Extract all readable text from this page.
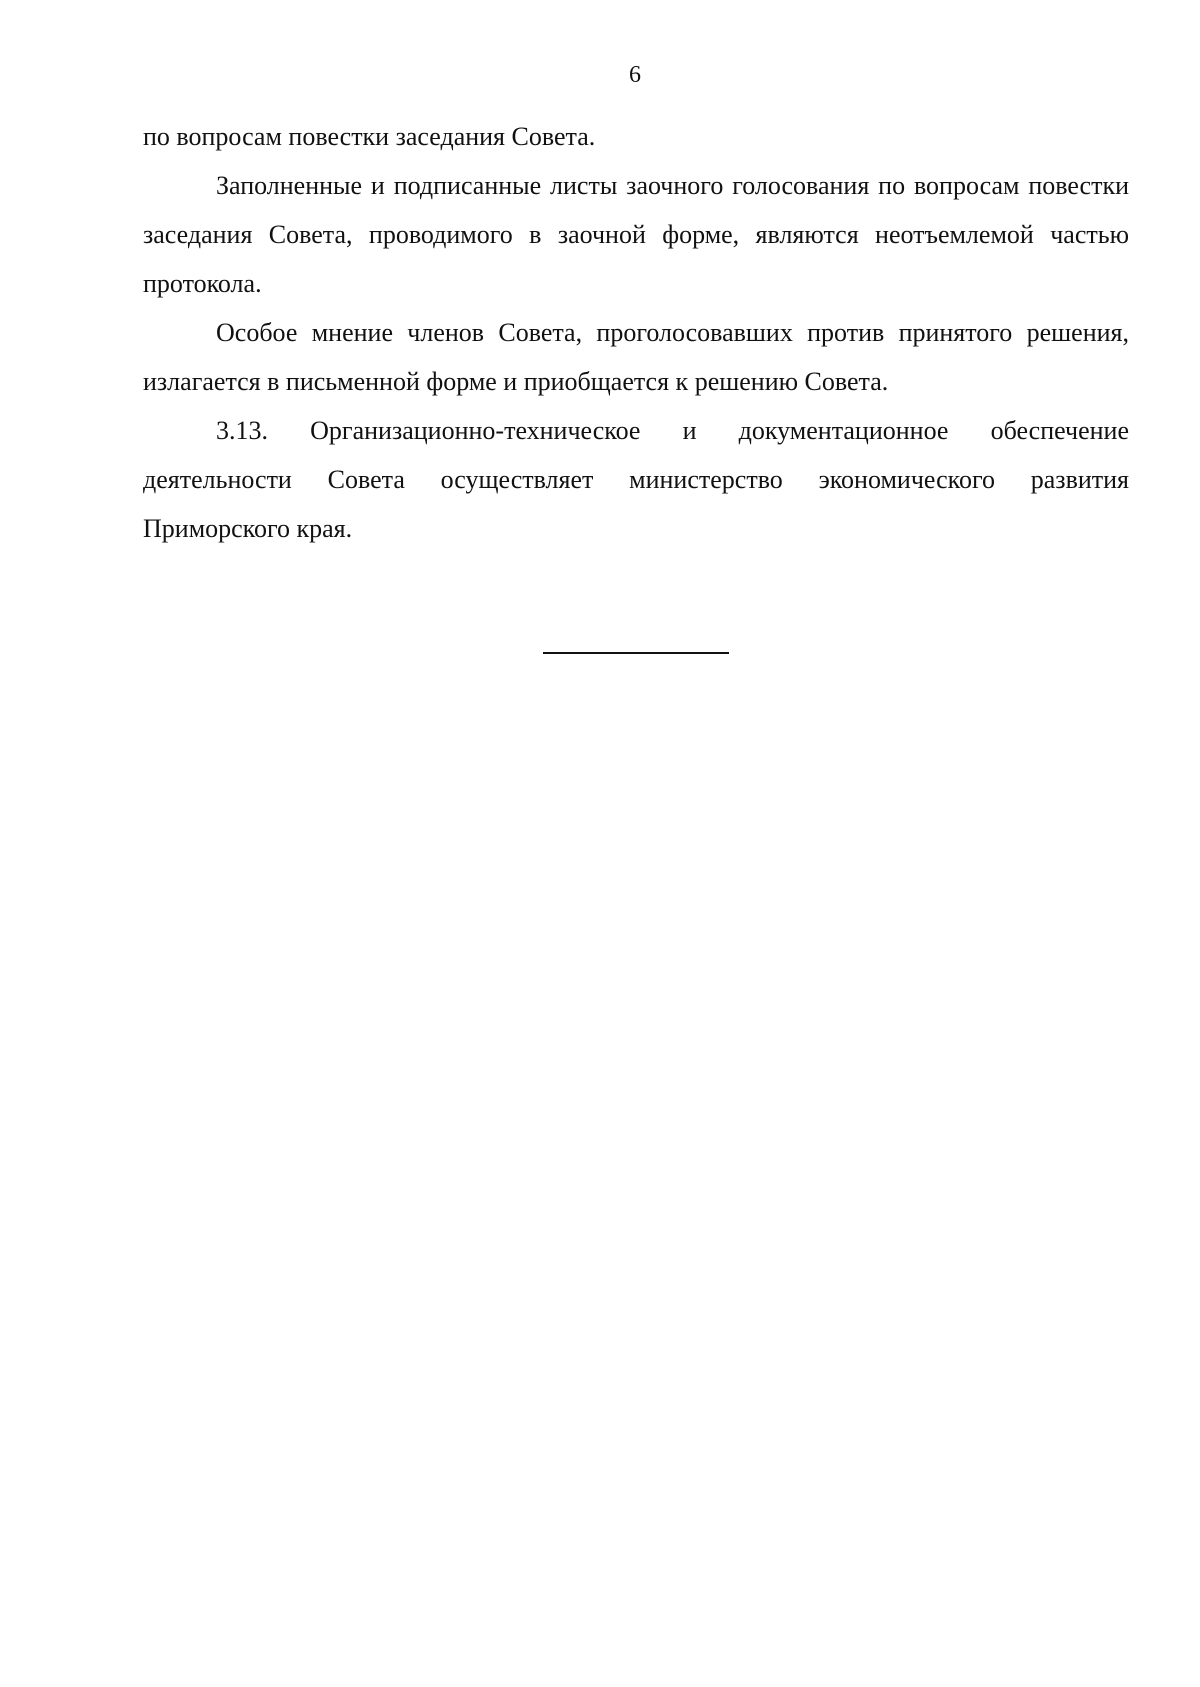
6

по вопросам повестки заседания Совета.

Заполненные и подписанные листы заочного голосования по вопросам повестки заседания Совета, проводимого в заочной форме, являются неотъемлемой частью протокола.

Особое мнение членов Совета, проголосовавших против принятого решения, излагается в письменной форме и приобщается к решению Совета.

3.13. Организационно-техническое и документационное обеспечение деятельности Совета осуществляет министерство экономического развития Приморского края.
